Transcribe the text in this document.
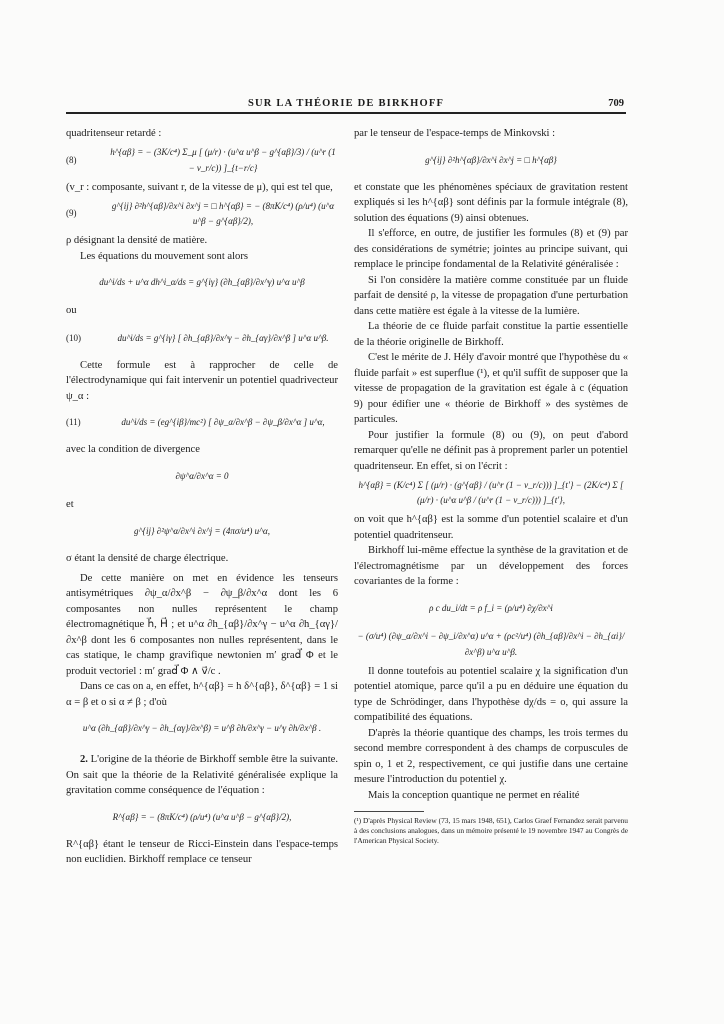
SUR LA THÉORIE DE BIRKHOFF	709

quadritenseur retardé :

(8)
h^{αβ} = − (3K/c⁴) Σ_μ [ (μ/r) · (u^α u^β − g^{αβ}/3) / (u^r (1 − v_r/c)) ]_{t−r/c}

(v_r : composante, suivant r, de la vitesse de μ), qui est tel que,

(9)
g^{ij} ∂²h^{αβ}/∂x^i ∂x^j = □ h^{αβ} = − (8πK/c⁴) (ρ/u⁴) (u^α u^β − g^{αβ}/2),

ρ désignant la densité de matière.

Les équations du mouvement sont alors

du^i/ds + u^α dh^i_α/ds = g^{iγ} (∂h_{αβ}/∂x^γ) u^α u^β
ou
(10)	du^i/ds = g^{iγ} [ ∂h_{αβ}/∂x^γ − ∂h_{αγ}/∂x^β ] u^α u^β.

Cette formule est à rapprocher de celle de l'électrodynamique qui fait intervenir un potentiel quadrivecteur ψ_α :

(11)	du^i/ds = (eg^{iβ}/mc²) [ ∂ψ_α/∂x^β − ∂ψ_β/∂x^α ] u^α,

avec la condition de divergence

∂ψ^α/∂x^α = 0
et
g^{ij} ∂²ψ^α/∂x^i ∂x^j = (4πσ/u⁴) u^α,

σ étant la densité de charge électrique.

De cette manière on met en évidence les tenseurs antisymétriques ∂ψ_α/∂x^β − ∂ψ_β/∂x^α dont les 6 composantes non nulles représentent le champ électromagnétique h⃗, H⃗ ; et u^α ∂h_{αβ}/∂x^γ − u^α ∂h_{αγ}/∂x^β dont les 6 composantes non nulles représentent, dans le cas statique, le champ gravifique newtonien m′ grad⃗ Φ et le produit vectoriel : m′ grad⃗ Φ ∧ v⃗/c .

Dans ce cas on a, en effet, h^{αβ} = h δ^{αβ}, δ^{αβ} = 1 si α = β et o si α ≠ β ; d'où

u^α (∂h_{αβ}/∂x^γ − ∂h_{αγ}/∂x^β) = u^β ∂h/∂x^γ − u^γ ∂h/∂x^β .

2. L'origine de la théorie de Birkhoff semble être la suivante. On sait que la théorie de la Relativité généralisée explique la gravitation comme conséquence de l'équation :

R^{αβ} = − (8πK/c⁴) (ρ/u⁴) (u^α u^β − g^{αβ}/2),

R^{αβ} étant le tenseur de Ricci-Einstein dans l'espace-temps non euclidien. Birkhoff remplace ce tenseur

par le tenseur de l'espace-temps de Minkovski :

g^{ij} ∂²h^{αβ}/∂x^i ∂x^j = □ h^{αβ}

et constate que les phénomènes spéciaux de gravitation restent expliqués si les h^{αβ} sont définis par la formule intégrale (8), solution des équations (9) ainsi obtenues.

Il s'efforce, en outre, de justifier les formules (8) et (9) par des considérations de symétrie; jointes au principe suivant, qui remplace le principe fondamental de la Relativité généralisée :

Si l'on considère la matière comme constituée par un fluide parfait de densité ρ, la vitesse de propagation d'une perturbation dans cette matière est égale à la vitesse de la lumière.

La théorie de ce fluide parfait constitue la partie essentielle de la théorie originelle de Birkhoff.

C'est le mérite de J. Hély d'avoir montré que l'hypothèse du « fluide parfait » est superflue (¹), et qu'il suffit de supposer que la vitesse de propagation de la gravitation est égale à c (équation 9) pour édifier une « théorie de Birkhoff » des systèmes de particules.

Pour justifier la formule (8) ou (9), on peut d'abord remarquer qu'elle ne définit pas à proprement parler un potentiel quadritenseur. En effet, si on l'écrit :

h^{αβ} = (K/c⁴) Σ [ (μ/r) · (g^{αβ} / (u^r (1 − v_r/c))) ]_{t'} − (2K/c⁴) Σ [ (μ/r) · (u^α u^β / (u^r (1 − v_r/c))) ]_{t'},

on voit que h^{αβ} est la somme d'un potentiel scalaire et d'un potentiel quadritenseur.

Birkhoff lui-même effectue la synthèse de la gravitation et de l'électromagnétisme par un développement des forces covariantes de la forme :

ρ c du_i/dt = ρ f_i = (ρ/u⁴) ∂χ/∂x^i
− (σ/u⁴) (∂ψ_α/∂x^i − ∂ψ_i/∂x^α) u^α + (ρc²/u⁴) (∂h_{αβ}/∂x^i − ∂h_{αi}/∂x^β) u^α u^β.

Il donne toutefois au potentiel scalaire χ la signification d'un potentiel atomique, parce qu'il a pu en déduire une équation du type de Schrödinger, dans l'hypothèse dχ/ds = o, qui assure la compatibilité des équations.

D'après la théorie quantique des champs, les trois termes du second membre correspondent à des champs de corpuscules de spin o, 1 et 2, respectivement, ce qui justifie dans une certaine mesure l'introduction du potentiel χ.

Mais la conception quantique ne permet en réalité

(¹) D'après Physical Review (73, 15 mars 1948, 651), Carlos Graef Fernandez serait parvenu à des conclusions analogues, dans un mémoire présenté le 19 novembre 1947 au Congrès de l'American Physical Society.
